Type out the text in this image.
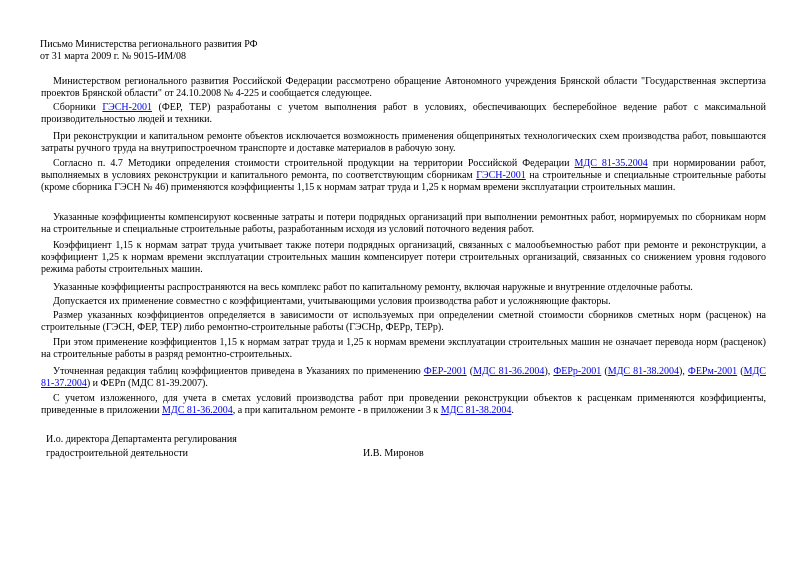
Письмо Министерства регионального развития РФ
от 31 марта 2009 г. № 9015-ИМ/08

Министерством регионального развития Российской Федерации рассмотрено обращение Автономного учреждения Брянской области "Государственная экспертиза проектов Брянской области" от 24.10.2008 № 4-225 и сообщается следующее.

Сборники ГЭСН-2001 (ФЕР, ТЕР) разработаны с учетом выполнения работ в условиях, обеспечивающих бесперебойное ведение работ с максимальной производительностью людей и техники.

При реконструкции и капитальном ремонте объектов исключается возможность применения общепринятых технологических схем производства работ, повышаются затраты ручного труда на внутрипостроечном транспорте и доставке материалов в рабочую зону.

Согласно п. 4.7 Методики определения стоимости строительной продукции на территории Российской Федерации МДС 81-35.2004 при нормировании работ, выполняемых в условиях реконструкции и капитального ремонта, по соответствующим сборникам ГЭСН-2001 на строительные и специальные строительные работы (кроме сборника ГЭСН № 46) применяются коэффициенты 1,15 к нормам затрат труда и 1,25 к нормам времени эксплуатации строительных машин.

Указанные коэффициенты компенсируют косвенные затраты и потери подрядных организаций при выполнении ремонтных работ, нормируемых по сборникам норм на строительные и специальные строительные работы, разработанным исходя из условий поточного ведения работ.

Коэффициент 1,15 к нормам затрат труда учитывает также потери подрядных организаций, связанных с малообъемностью работ при ремонте и реконструкции, а коэффициент 1,25 к нормам времени эксплуатации строительных машин компенсирует потери строительных организаций, связанных со снижением уровня годового режима работы строительных машин.

Указанные коэффициенты распространяются на весь комплекс работ по капитальному ремонту, включая наружные и внутренние отделочные работы.

Допускается их применение совместно с коэффициентами, учитывающими условия производства работ и усложняющие факторы.

Размер указанных коэффициентов определяется в зависимости от используемых при определении сметной стоимости сборников сметных норм (расценок) на строительные (ГЭСН, ФЕР, ТЕР) либо ремонтно-строительные работы (ГЭСНр, ФЕРр, ТЕРр).

При этом применение коэффициентов 1,15 к нормам затрат труда и 1,25 к нормам времени эксплуатации строительных машин не означает перевода норм (расценок) на строительные работы в разряд ремонтно-строительных.

Уточненная редакция таблиц коэффициентов приведена в Указаниях по применению ФЕР-2001 (МДС 81-36.2004), ФЕРр-2001 (МДС 81-38.2004), ФЕРм-2001 (МДС 81-37.2004) и ФЕРп (МДС 81-39.2007).

С учетом изложенного, для учета в сметах условий производства работ при проведении реконструкции объектов к расценкам применяются коэффициенты, приведенные в приложении МДС 81-36.2004, а при капитальном ремонте - в приложении 3 к МДС 81-38.2004.

И.о. директора Департамента регулирования
градостроительной деятельности	И.В. Миронов
